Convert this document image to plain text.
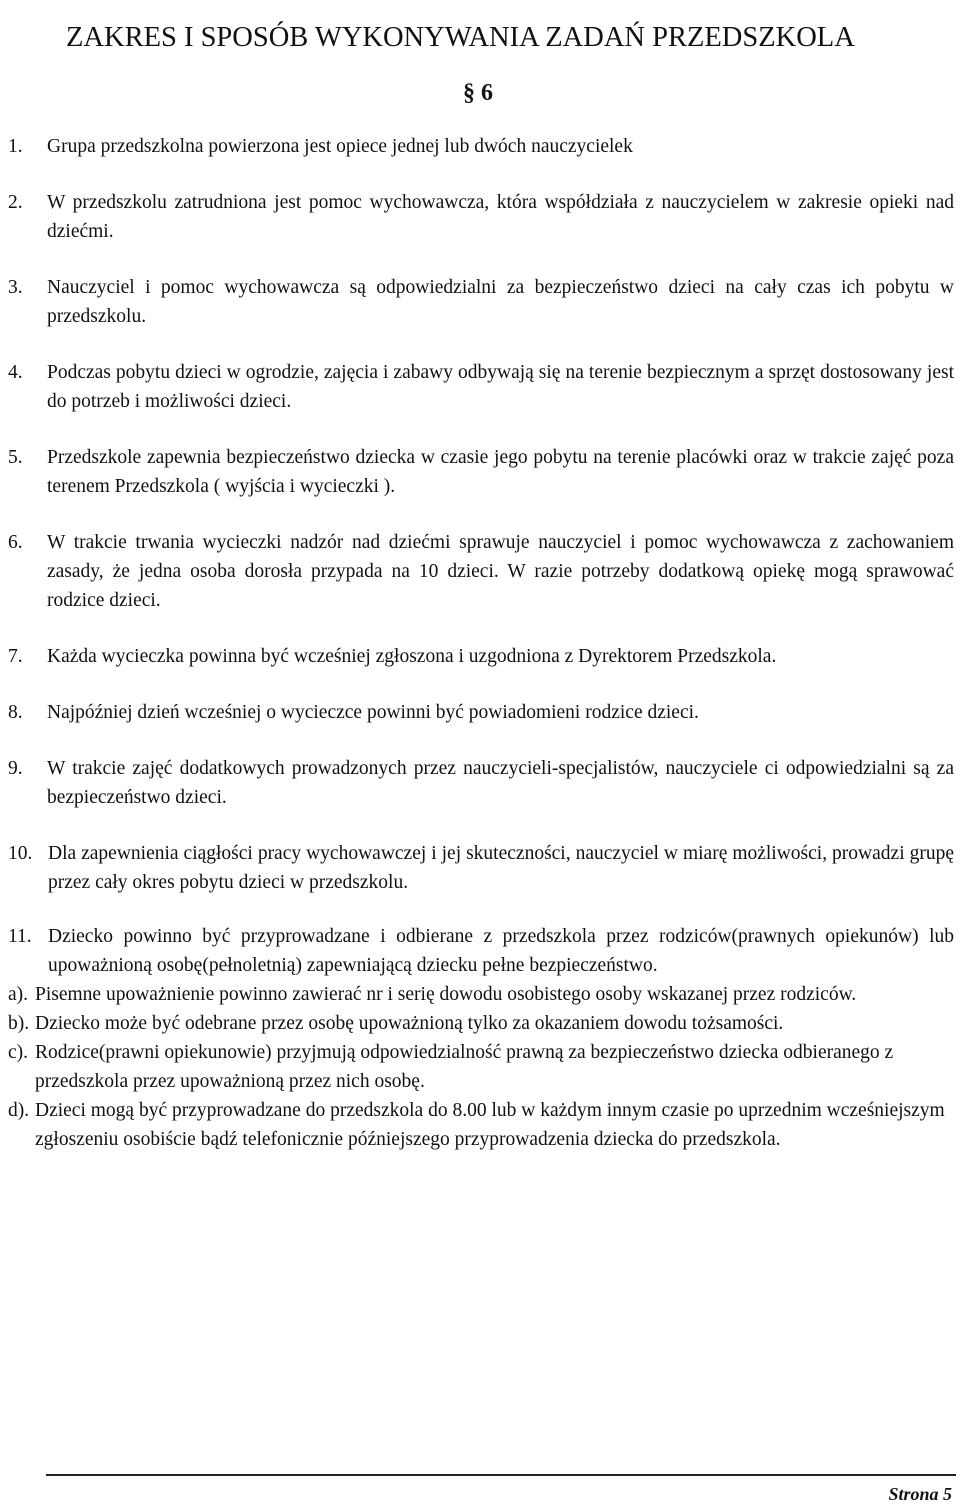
ZAKRES I SPOSÓB WYKONYWANIA ZADAŃ PRZEDSZKOLA

§ 6

1. Grupa przedszkolna powierzona jest opiece jednej lub dwóch nauczycielek
2. W przedszkolu zatrudniona jest pomoc wychowawcza, która współdziała z nauczycielem w zakresie opieki nad dziećmi.
3. Nauczyciel i pomoc wychowawcza są odpowiedzialni za bezpieczeństwo dzieci na cały czas ich pobytu w przedszkolu.
4. Podczas pobytu dzieci w ogrodzie, zajęcia i zabawy odbywają się na terenie bezpiecznym a sprzęt dostosowany jest do potrzeb i możliwości dzieci.
5. Przedszkole zapewnia bezpieczeństwo dziecka w czasie jego pobytu na terenie placówki oraz w trakcie zajęć poza terenem Przedszkola ( wyjścia i wycieczki ).
6. W trakcie trwania wycieczki nadzór nad dziećmi sprawuje nauczyciel i pomoc wychowawcza z zachowaniem zasady, że jedna osoba dorosła przypada na 10 dzieci. W razie potrzeby dodatkową opiekę mogą sprawować rodzice dzieci.
7. Każda wycieczka powinna być wcześniej zgłoszona i uzgodniona z Dyrektorem Przedszkola.
8. Najpóźniej dzień wcześniej o wycieczce powinni być powiadomieni rodzice dzieci.
9. W trakcie zajęć dodatkowych prowadzonych przez nauczycieli-specjalistów, nauczyciele ci odpowiedzialni są za bezpieczeństwo dzieci.
10. Dla zapewnienia ciągłości pracy wychowawczej i jej skuteczności, nauczyciel w miarę możliwości, prowadzi grupę przez cały okres pobytu dzieci w przedszkolu.
11. Dziecko powinno być przyprowadzane i odbierane z przedszkola przez rodziców(prawnych opiekunów) lub upoważnioną osobę(pełnoletnią) zapewniającą dziecku pełne bezpieczeństwo.
a). Pisemne upoważnienie powinno zawierać nr i serię dowodu osobistego osoby wskazanej przez rodziców.
b). Dziecko może być odebrane przez osobę upoważnioną tylko za okazaniem dowodu tożsamości.
c). Rodzice(prawni opiekunowie) przyjmują odpowiedzialność prawną za bezpieczeństwo dziecka odbieranego z przedszkola przez upoważnioną przez nich osobę.
d). Dzieci mogą być przyprowadzane do przedszkola do 8.00 lub w każdym innym czasie po uprzednim wcześniejszym zgłoszeniu osobiście bądź telefonicznie późniejszego przyprowadzenia dziecka do przedszkola.
Strona 5
